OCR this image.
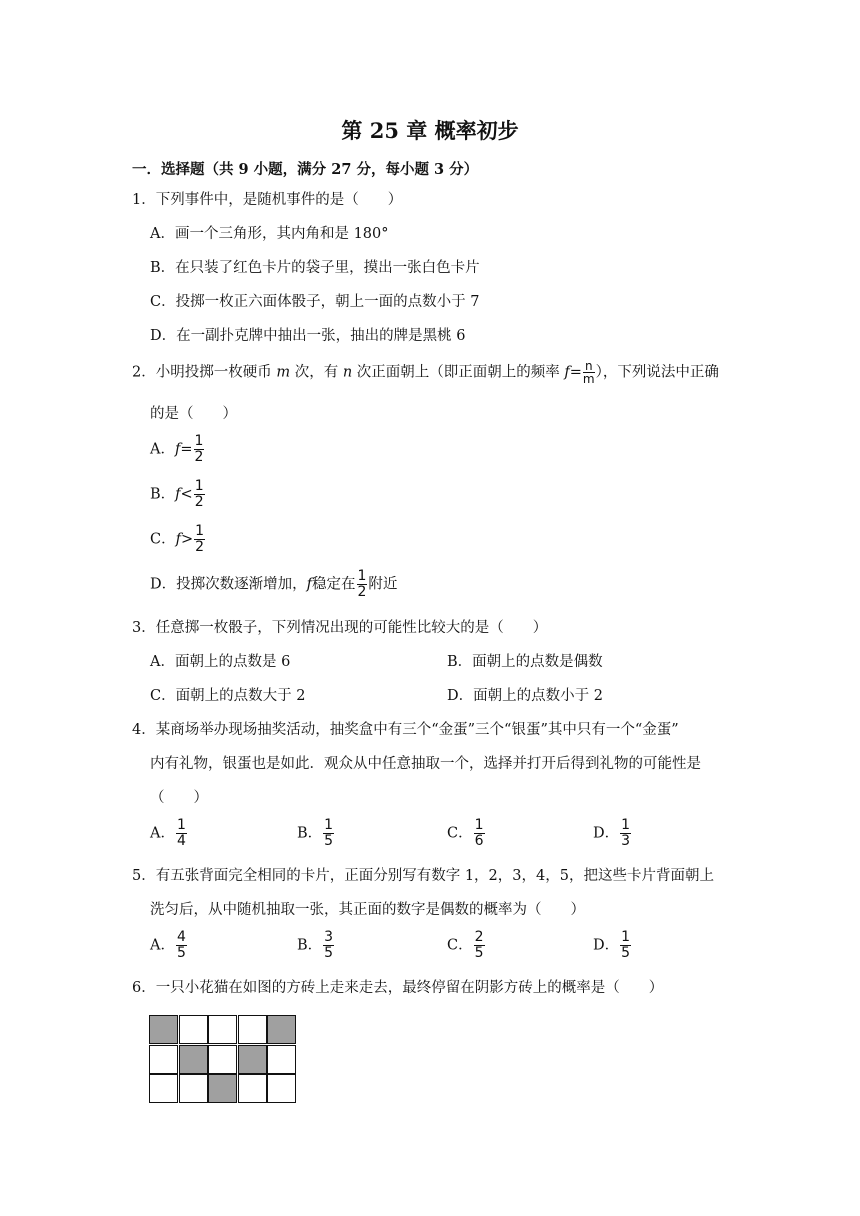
第 25 章 概率初步
一．选择题（共 9 小题，满分 27 分，每小题 3 分）
1．下列事件中，是随机事件的是（　　）
A．画一个三角形，其内角和是 180°
B．在只装了红色卡片的袋子里，摸出一张白色卡片
C．投掷一枚正六面体骰子，朝上一面的点数小于 7
D．在一副扑克牌中抽出一张，抽出的牌是黑桃 6
2．小明投掷一枚硬币 m 次，有 n 次正面朝上（即正面朝上的频率 $f= \frac{n}{m}$ ），下列说法中正确
的是（　　）
A．$f= \frac{1}{2}$
B．$f< \frac{1}{2}$
C．$f> \frac{1}{2}$
D．投掷次数逐渐增加，f稳定在 $\frac{1}{2}$ 附近
3．任意掷一枚骰子，下列情况出现的可能性比较大的是（　　）
A．面朝上的点数是 6	B．面朝上的点数是偶数
C．面朝上的点数大于 2	D．面朝上的点数小于 2
4．某商场举办现场抽奖活动，抽奖盒中有三个“金蛋”三个“银蛋”其中只有一个“金蛋”
内有礼物，银蛋也是如此．观众从中任意抽取一个，选择并打开后得到礼物的可能性是
（　　）
A． $\frac{1}{4}$	B． $\frac{1}{5}$	C． $\frac{1}{6}$	D． $\frac{1}{3}$
5．有五张背面完全相同的卡片，正面分别写有数字 1，2，3，4，5，把这些卡片背面朝上
洗匀后，从中随机抽取一张，其正面的数字是偶数的概率为（　　）
A． $\frac{4}{5}$	B． $\frac{3}{5}$	C． $\frac{2}{5}$	D． $\frac{1}{5}$
6．一只小花猫在如图的方砖上走来走去，最终停留在阴影方砖上的概率是（　　）
